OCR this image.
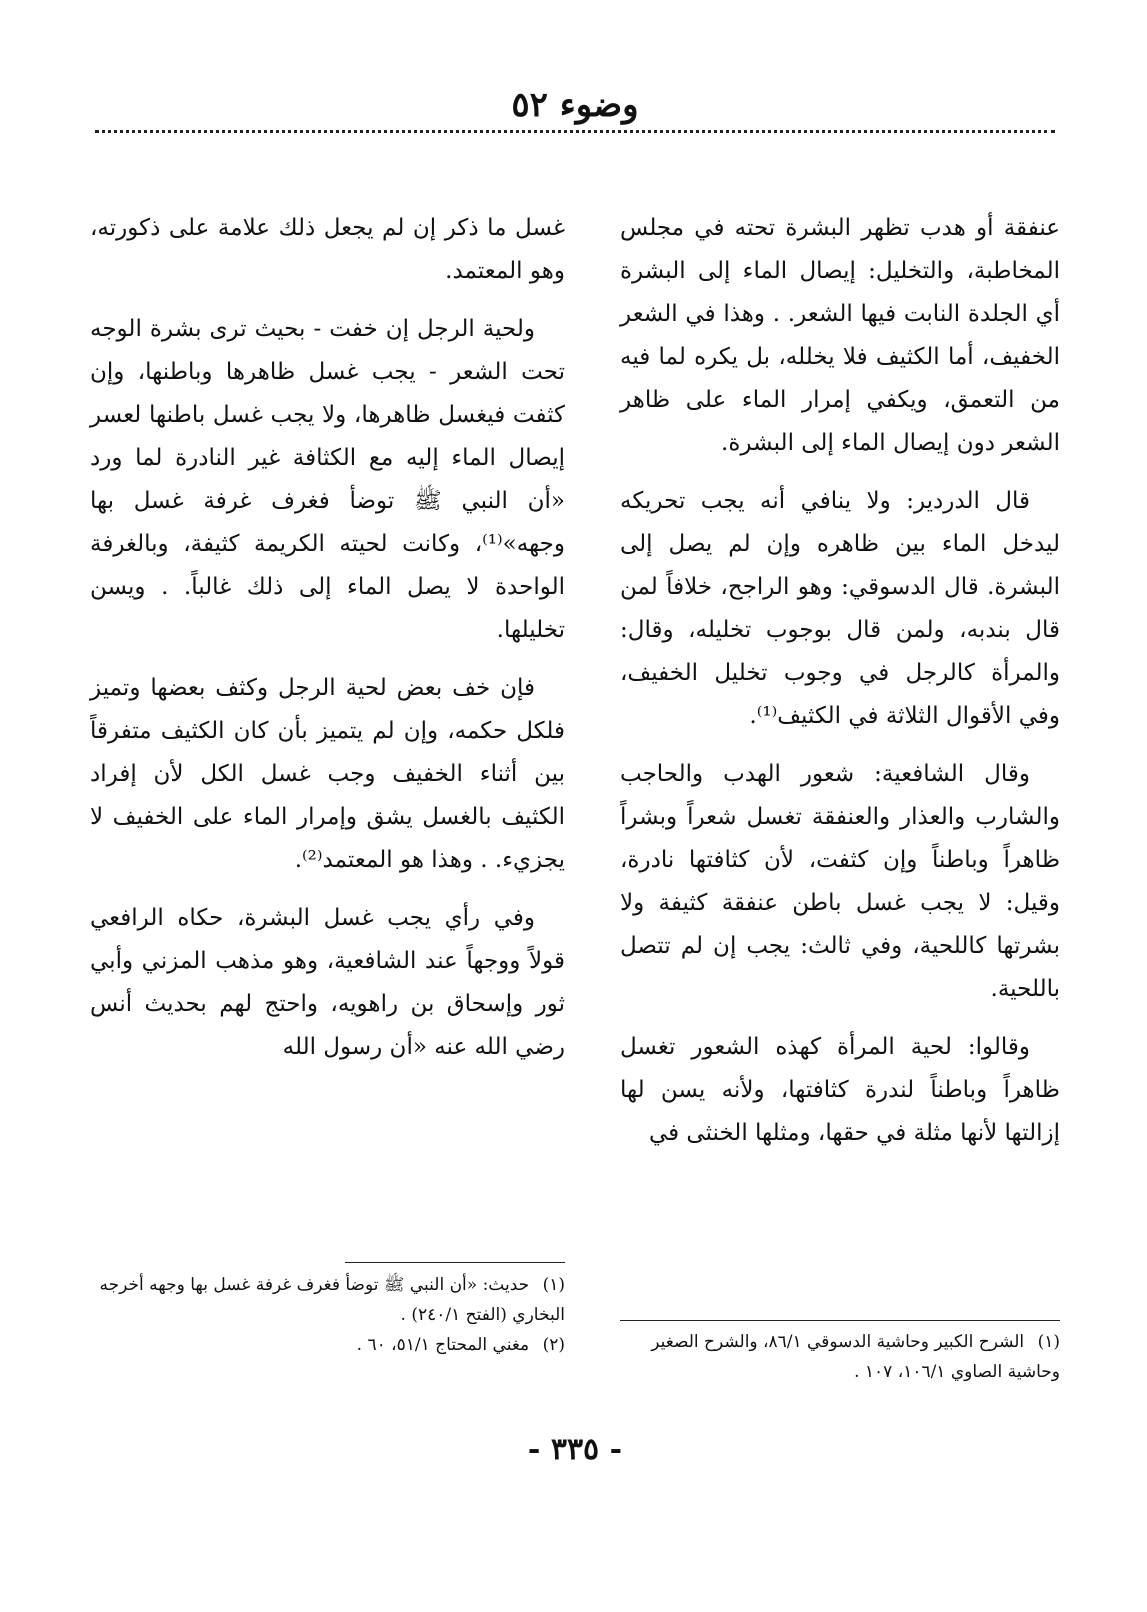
وضوء ٥٢

عنفقة أو هدب تظهر البشرة تحته في مجلس المخاطبة، والتخليل: إيصال الماء إلى البشرة أي الجلدة النابت فيها الشعر. . وهذا في الشعر الخفيف، أما الكثيف فلا يخلله، بل يكره لما فيه من التعمق، ويكفي إمرار الماء على ظاهر الشعر دون إيصال الماء إلى البشرة.

قال الدردير: ولا ينافي أنه يجب تحريكه ليدخل الماء بين ظاهره وإن لم يصل إلى البشرة. قال الدسوقي: وهو الراجح، خلافاً لمن قال بندبه، ولمن قال بوجوب تخليله، وقال: والمرأة كالرجل في وجوب تخليل الخفيف، وفي الأقوال الثلاثة في الكثيف⁽¹⁾.

وقال الشافعية: شعور الهدب والحاجب والشارب والعذار والعنفقة تغسل شعراً وبشراً ظاهراً وباطناً وإن كثفت، لأن كثافتها نادرة، وقيل: لا يجب غسل باطن عنفقة كثيفة ولا بشرتها كاللحية، وفي ثالث: يجب إن لم تتصل باللحية.

وقالوا: لحية المرأة كهذه الشعور تغسل ظاهراً وباطناً لندرة كثافتها، ولأنه يسن لها إزالتها لأنها مثلة في حقها، ومثلها الخنثى في

غسل ما ذكر إن لم يجعل ذلك علامة على ذكورته، وهو المعتمد.

ولحية الرجل إن خفت - بحيث ترى بشرة الوجه تحت الشعر - يجب غسل ظاهرها وباطنها، وإن كثفت فيغسل ظاهرها، ولا يجب غسل باطنها لعسر إيصال الماء إليه مع الكثافة غير النادرة لما ورد «أن النبي ﷺ توضأ فغرف غرفة غسل بها وجهه»⁽¹⁾، وكانت لحيته الكريمة كثيفة، وبالغرفة الواحدة لا يصل الماء إلى ذلك غالباً. . ويسن تخليلها.

فإن خف بعض لحية الرجل وكثف بعضها وتميز فلكل حكمه، وإن لم يتميز بأن كان الكثيف متفرقاً بين أثناء الخفيف وجب غسل الكل لأن إفراد الكثيف بالغسل يشق وإمرار الماء على الخفيف لا يجزيء. . وهذا هو المعتمد⁽²⁾.

وفي رأي يجب غسل البشرة، حكاه الرافعي قولاً ووجهاً عند الشافعية، وهو مذهب المزني وأبي ثور وإسحاق بن راهويه، واحتج لهم بحديث أنس رضي الله عنه «أن رسول الله

(١) الشرح الكبير وحاشية الدسوقي ٨٦/١، والشرح الصغير وحاشية الصاوي ١٠٦/١، ١٠٧ .
(١) حديث: «أن النبي ﷺ توضأ فغرف غرفة غسل بها وجهه أخرجه البخاري (الفتح ٢٤٠/١) .
(٢) مغني المحتاج ٥١/١، ٦٠ .
- ٣٣٥ -
